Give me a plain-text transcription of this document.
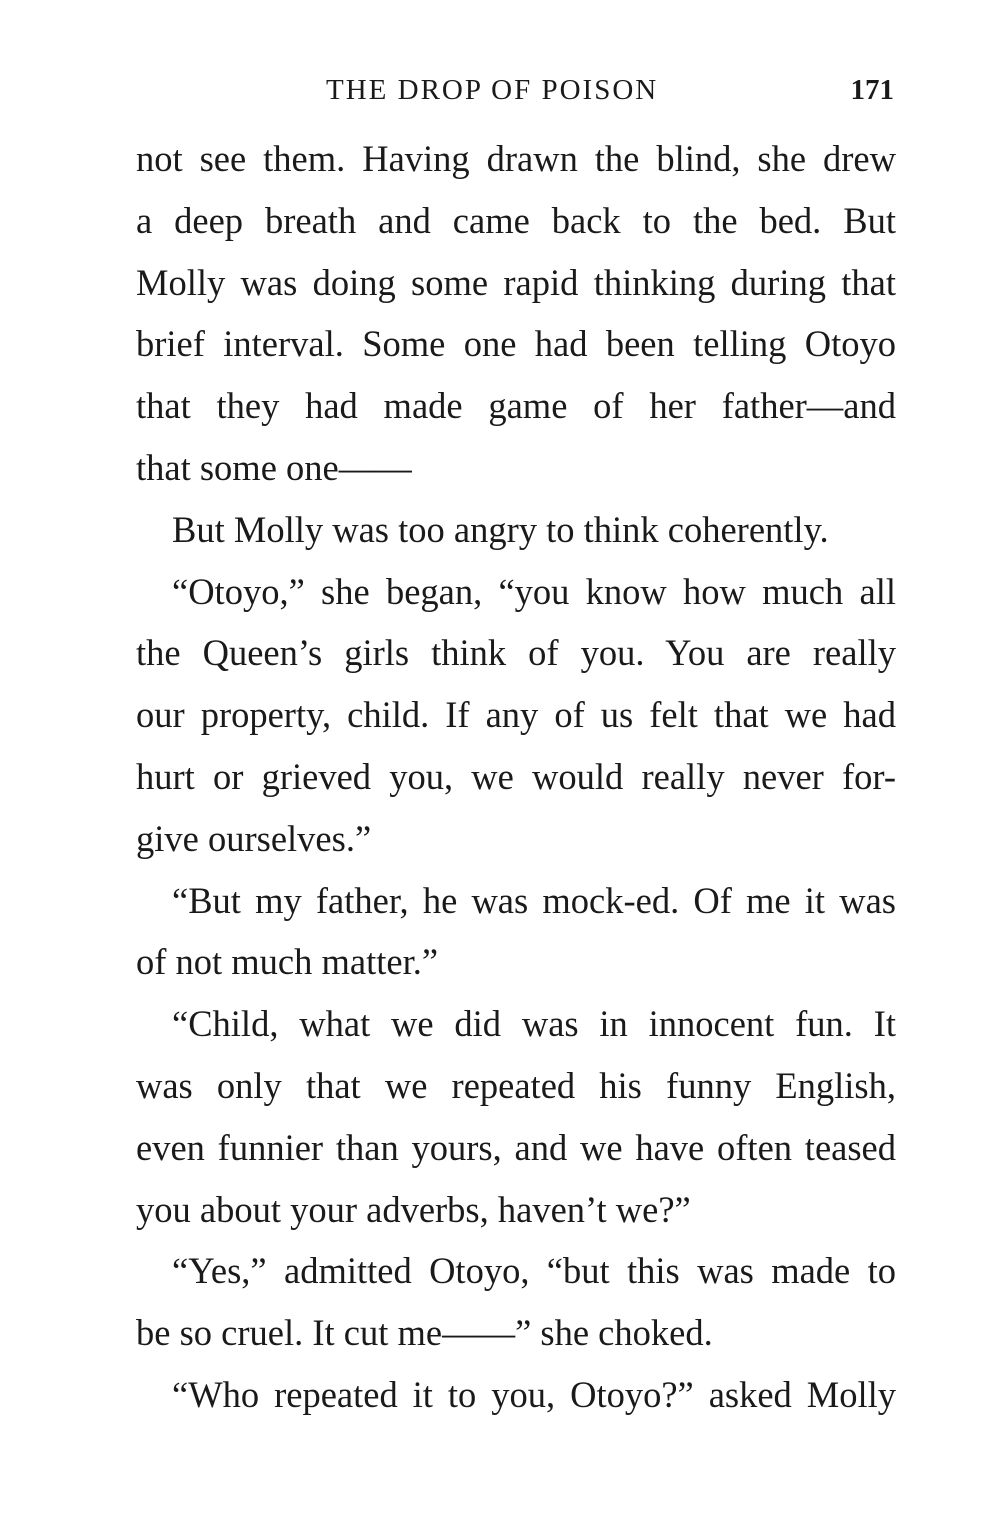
THE DROP OF POISON	171
not see them. Having drawn the blind, she drew
a deep breath and came back to the bed. But
Molly was doing some rapid thinking during that
brief interval. Some one had been telling Otoyo
that they had made game of her father—and
that some one——
But Molly was too angry to think coherently.
“Otoyo,” she began, “you know how much all
the Queen’s girls think of you. You are really
our property, child. If any of us felt that we had
hurt or grieved you, we would really never for-
give ourselves.”
“But my father, he was mock-ed. Of me it was
of not much matter.”
“Child, what we did was in innocent fun. It
was only that we repeated his funny English,
even funnier than yours, and we have often teased
you about your adverbs, haven’t we?”
“Yes,” admitted Otoyo, “but this was made to
be so cruel. It cut me——” she choked.
“Who repeated it to you, Otoyo?” asked Molly
